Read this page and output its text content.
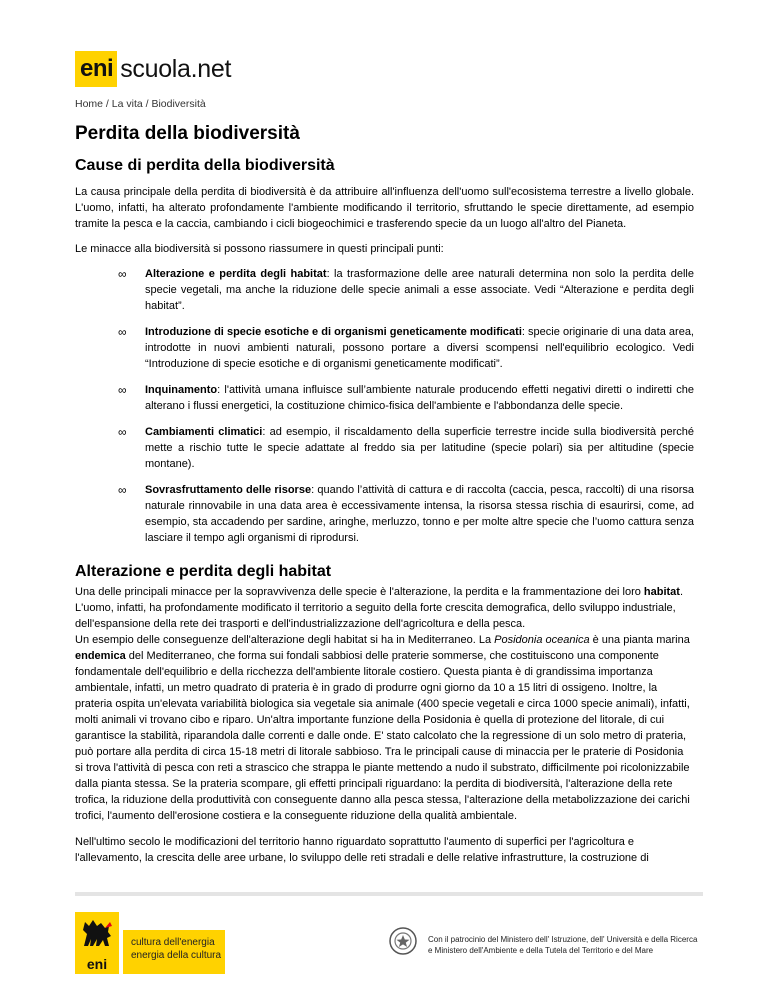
eni scuola.net
Home / La vita / Biodiversità
Perdita della biodiversità
Cause di perdita della biodiversità

La causa principale della perdita di biodiversità è da attribuire all'influenza dell'uomo sull'ecosistema terrestre a livello globale. L'uomo, infatti, ha alterato profondamente l'ambiente modificando il territorio, sfruttando le specie direttamente, ad esempio tramite la pesca e la caccia, cambiando i cicli biogeochimici e trasferendo specie da un luogo all'altro del Pianeta.

Le minacce alla biodiversità si possono riassumere in questi principali punti:

∞ Alterazione e perdita degli habitat: la trasformazione delle aree naturali determina non solo la perdita delle specie vegetali, ma anche la riduzione delle specie animali a esse associate. Vedi “Alterazione e perdita degli habitat”.
∞ Introduzione di specie esotiche e di organismi geneticamente modificati: specie originarie di una data area, introdotte in nuovi ambienti naturali, possono portare a diversi scompensi nell'equilibrio ecologico. Vedi “Introduzione di specie esotiche e di organismi geneticamente modificati”.
∞ Inquinamento: l'attività umana influisce sull’ambiente naturale producendo effetti negativi diretti o indiretti che alterano i flussi energetici, la costituzione chimico-fisica dell'ambiente e l'abbondanza delle specie.
∞ Cambiamenti climatici: ad esempio, il riscaldamento della superficie terrestre incide sulla biodiversità perché mette a rischio tutte le specie adattate al freddo sia per latitudine (specie polari) sia per altitudine (specie montane).
∞ Sovrasfruttamento delle risorse: quando l’attività di cattura e di raccolta (caccia, pesca, raccolti) di una risorsa naturale rinnovabile in una data area è eccessivamente intensa, la risorsa stessa rischia di esaurirsi, come, ad esempio, sta accadendo per sardine, aringhe, merluzzo, tonno e per molte altre specie che l’uomo cattura senza lasciare il tempo agli organismi di riprodursi.
Alterazione e perdita degli habitat

Una delle principali minacce per la sopravvivenza delle specie è l'alterazione, la perdita e la frammentazione dei loro habitat. L'uomo, infatti, ha profondamente modificato il territorio a seguito della forte crescita demografica, dello sviluppo industriale, dell'espansione della rete dei trasporti e dell'industrializzazione dell'agricoltura e della pesca.

Un esempio delle conseguenze dell'alterazione degli habitat si ha in Mediterraneo. La Posidonia oceanica è una pianta marina endemica del Mediterraneo, che forma sui fondali sabbiosi delle praterie sommerse, che costituiscono una componente fondamentale dell'equilibrio e della ricchezza dell'ambiente litorale costiero. Questa pianta è di grandissima importanza ambientale, infatti, un metro quadrato di prateria è in grado di produrre ogni giorno da 10 a 15 litri di ossigeno. Inoltre, la prateria ospita un'elevata variabilità biologica sia vegetale sia animale (400 specie vegetali e circa 1000 specie animali), infatti, molti animali vi trovano cibo e riparo. Un'altra importante funzione della Posidonia è quella di protezione del litorale, di cui garantisce la stabilità, riparandola dalle correnti e dalle onde. E' stato calcolato che la regressione di un solo metro di prateria, può portare alla perdita di circa 15-18 metri di litorale sabbioso. Tra le principali cause di minaccia per le praterie di Posidonia si trova l'attività di pesca con reti a strascico che strappa le piante mettendo a nudo il substrato, difficilmente poi ricolonizzabile dalla pianta stessa. Se la prateria scompare, gli effetti principali riguardano: la perdita di biodiversità, l'alterazione della rete trofica, la riduzione della produttività con conseguente danno alla pesca stessa, l'alterazione della metabolizzazione dei carichi trofici, l'aumento dell'erosione costiera e la conseguente riduzione della qualità ambientale.

Nell'ultimo secolo le modificazioni del territorio hanno riguardato soprattutto l'aumento di superfici per l'agricoltura e l'allevamento, la crescita delle aree urbane, lo sviluppo delle reti stradali e delle relative infrastrutture, la costruzione di

eni
cultura dell'energia
energia della cultura
Con il patrocinio del Ministero dell' Istruzione, dell' Università e della Ricerca
e Ministero dell'Ambiente e della Tutela del Territorio e del Mare
